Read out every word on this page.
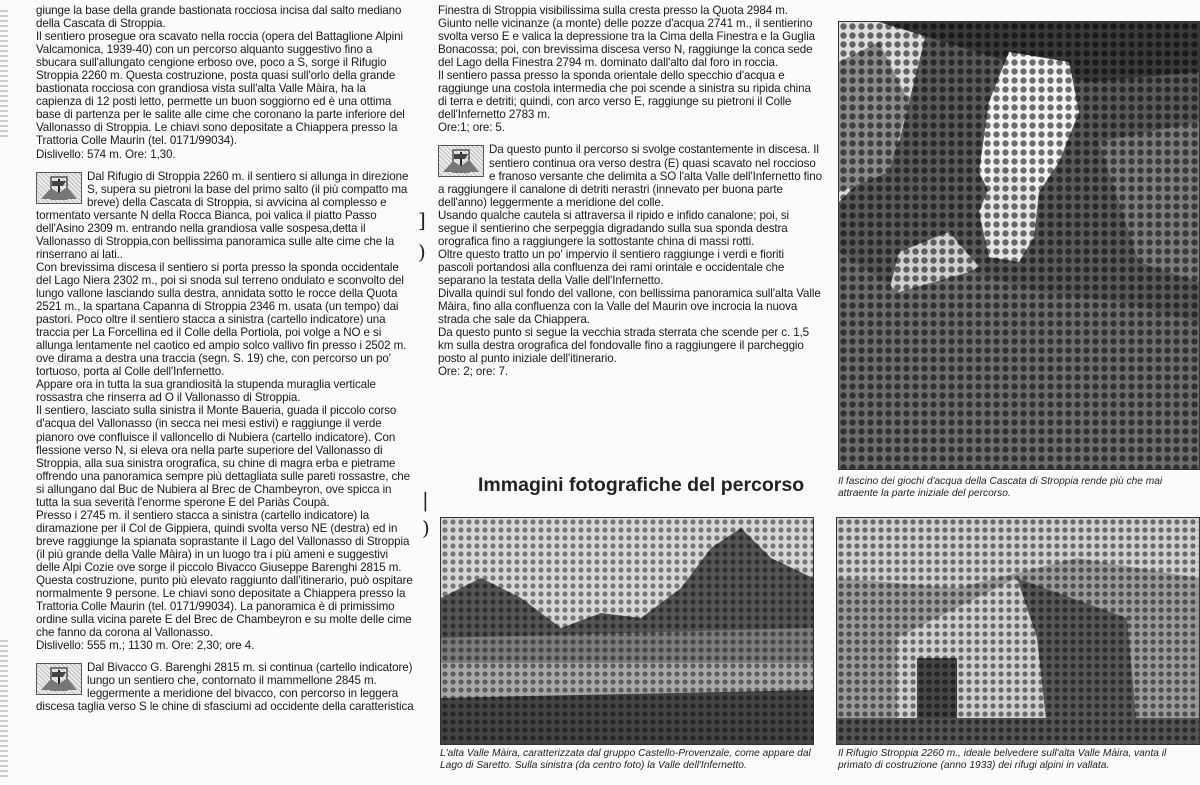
giunge la base della grande bastionata rocciosa incisa dal salto mediano della Cascata di Stroppia.

Il sentiero prosegue ora scavato nella roccia (opera del Battaglione Alpini Valcamonica, 1939-40) con un percorso alquanto suggestivo fino a sbucara sull'allungato cengione erboso ove, poco a S, sorge il Rifugio Stroppia 2260 m. Questa costruzione, posta quasi sull'orlo della grande bastionata rocciosa con grandiosa vista sull'alta Valle Màira, ha la capienza di 12 posti letto, permette un buon soggiorno ed è una ottima base di partenza per le salite alle cime che coronano la parte inferiore del Vallonasso di Stroppia. Le chiavi sono depositate a Chiappera presso la Trattoria Colle Maurin (tel. 0171/99034).

Dislivello: 574 m. Ore: 1,30.

Dal Rifugio di Stroppia 2260 m. il sentiero si allunga in direzione S, supera su pietroni la base del primo salto (il più compatto ma breve) della Cascata di Stroppia, si avvicina al complesso e tormentato versante N della Rocca Bianca, poi valica il piatto Passo dell'Asino 2309 m. entrando nella grandiosa valle sospesa,detta il Vallonasso di Stroppia,con bellissima panoramica sulle alte cime che la rinserrano ai lati..

Con brevissima discesa il sentiero si porta presso la sponda occidentale del Lago Niera 2302 m., poi si snoda sul terreno ondulato e sconvolto del lungo vallone lasciando sulla destra, annidata sotto le rocce della Quota 2521 m., la spartana Capanna di Stroppia 2346 m. usata (un tempo) dai pastori. Poco oltre il sentiero stacca a sinistra (cartello indicatore) una traccia per La Forcellina ed il Colle della Portiola, poi volge a NO e si allunga lentamente nel caotico ed ampio solco vallivo fin presso i 2502 m. ove dirama a destra una traccia (segn. S. 19) che, con percorso un po' tortuoso, porta al Colle dell'Infernetto.

Appare ora in tutta la sua grandiosità la stupenda muraglia verticale rossastra che rinserra ad O il Vallonasso di Stroppia.

Il sentiero, lasciato sulla sinistra il Monte Baueria, guada il piccolo corso d'acqua del Vallonasso (in secca nei mesi estivi) e raggiunge il verde pianoro ove confluisce il valloncello di Nubiera (cartello indicatore). Con flessione verso N, si eleva ora nella parte superiore del Vallonasso di Stroppia, alla sua sinistra orografica, su chine di magra erba e pietrame offrendo una panoramica sempre più dettagliata sulle pareti rossastre, che si allungano dal Buc de Nubiera al Brec de Chambeyron, ove spicca in tutta la sua severità l'enorme sperone E del Pariàs Coupà.

Presso i 2745 m. il sentiero stacca a sinistra (cartello indicatore) la diramazione per il Col de Gippiera, quindi svolta verso NE (destra) ed in breve raggiunge la spianata soprastante il Lago del Vallonasso di Stroppia (il più grande della Valle Màira) in un luogo tra i più ameni e suggestivi delle Alpi Cozie ove sorge il piccolo Bivacco Giuseppe Barenghi 2815 m.

Questa costruzione, punto più elevato raggiunto dall'itinerario, può ospitare normalmente 9 persone. Le chiavi sono depositate a Chiappera presso la Trattoria Colle Maurin (tel. 0171/99034). La panoramica è di primissimo ordine sulla vicina parete E del Brec de Chambeyron e su molte delle cime che fanno da corona al Vallonasso.

Dislivello: 555 m.; 1130 m. Ore: 2,30; ore 4.

Dal Bivacco G. Barenghi 2815 m. si continua (cartello indicatore) lungo un sentiero che, contornato il mammellone 2845 m. leggermente a meridione del bivacco, con percorso in leggera discesa taglia verso S le chine di sfasciumi ad occidente della caratteristica

]
)
|
)

Finestra di Stroppia visibilissima sulla cresta presso la Quota 2984 m. Giunto nelle vicinanze (a monte) delle pozze d'acqua 2741 m., il sentierino svolta verso E e valica la depressione tra la Cima della Finestra e la Guglia Bonacossa; poi, con brevissima discesa verso N, raggiunge la conca sede del Lago della Finestra 2794 m. dominato dall'alto dal foro in roccia.

Il sentiero passa presso la sponda orientale dello specchio d'acqua e raggiunge una costola intermedia che poi scende a sinistra su ripida china di terra e detriti; quindi, con arco verso E, raggiunge su pietroni il Colle dell'Infernetto 2783 m.

Ore:1; ore: 5.

Da questo punto il percorso si svolge costantemente in discesa. Il sentiero continua ora verso destra (E) quasi scavato nel roccioso e franoso versante che delimita a SO l'alta Valle dell'Infernetto fino a raggiungere il canalone di detriti nerastri (innevato per buona parte dell'anno) leggermente a meridione del colle.

Usando qualche cautela si attraversa il ripido e infido canalone; poi, si segue il sentierino che serpeggia digradando sulla sua sponda destra orografica fino a raggiungere la sottostante china di massi rotti.

Oltre questo tratto un po' impervio il sentiero raggiunge i verdi e fioriti pascoli portandosi alla confluenza dei rami orintale e occidentale che separano la testata della Valle dell'Infernetto.

Divalla quindi sul fondo del vallone, con bellissima panoramica sull'alta Valle Màira, fino alla confluenza con la Valle del Maurin ove incrocia la nuova strada che sale da Chiappera.

Da questo punto si segue la vecchia strada sterrata che scende per c. 1,5 km sulla destra orografica del fondovalle fino a raggiungere il parcheggio posto al punto iniziale dell'itinerario.

Ore: 2; ore: 7.

Immagini fotografiche del percorso	Il fascino dei giochi d'acqua della Cascata di Stroppia rende più che mai attraente la parte iniziale del percorso.
L'alta Valle Màira, caratterizzata dal gruppo Castello-Provenzale, come appare dal Lago di Saretto. Sulla sinistra (da centro foto) la Valle dell'Infernetto.
Il Rifugio Stroppia 2260 m., ideale belvedere sull'alta Valle Màira, vanta il primato di costruzione (anno 1933) dei rifugi alpini in vallata.
